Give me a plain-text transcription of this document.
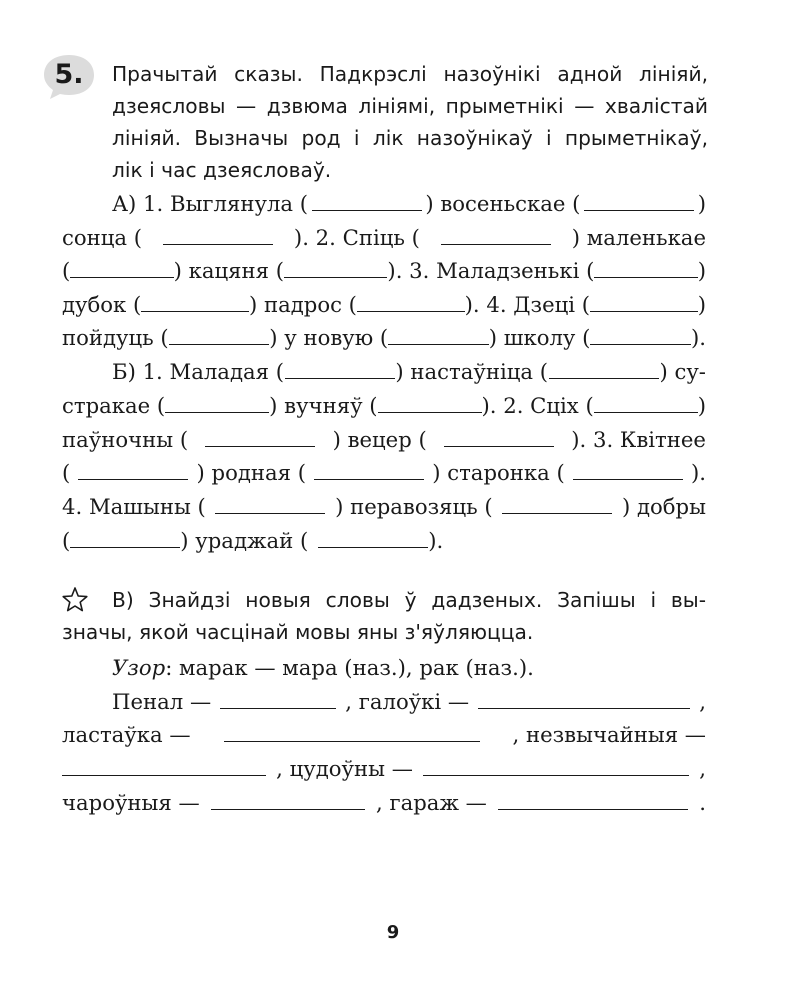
5.	Прачытай сказы. Падкрэслі назоўнікі адной лініяй,
дзеясловы — дзвюма лініямі, прыметнікі — хвалістай
лініяй. Вызначы род і лік назоўнікаў і прыметнікаў,
лік і час дзеясловаў.

А) 1. Выглянула (	) восеньскае (	)
сонца (	). 2. Спіць (	) маленькае
(	) кацяня (	). 3. Маладзенькі (	)
дубок (	) падрос (	). 4. Дзеці (	)
пойдуць (	) у новую (	) школу (	).
Б) 1. Маладая (	) настаўніца (	) су-
стракае (	) вучняў (	). 2. Сціх (	)
паўночны (	) вецер (	). 3. Квітнее
(	) родная (	) старонка (	).
4. Машыны (	) перавозяць (	) добры
(	) ураджай (	).

В) Знайдзі новыя словы ў дадзеных. Запішы і вы-

значы, якой часцінай мовы яны з'яўляюцца.
Узор: марак — мара (наз.), рак (наз.).
Пенал —	, галоўкі —	,
ластаўка —	, незвычайныя —
, цудоўны —	,
чароўныя —	, гараж —	.
9
